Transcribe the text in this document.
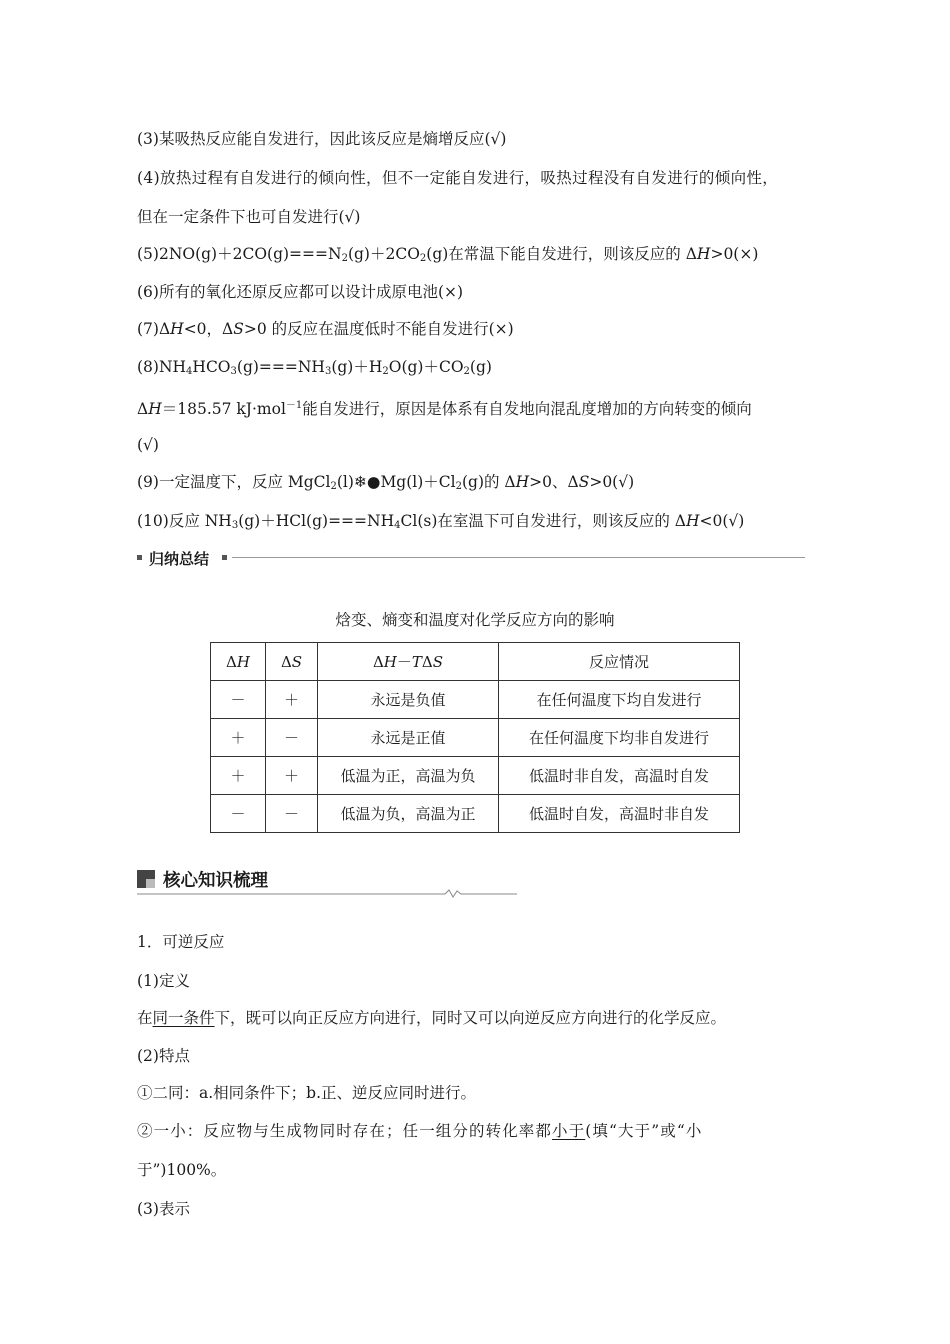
(3)某吸热反应能自发进行，因此该反应是熵增反应(√)
(4)放热过程有自发进行的倾向性，但不一定能自发进行，吸热过程没有自发进行的倾向性，
但在一定条件下也可自发进行(√)
$(5)2NO(g)+2CO(g)===N_2(g)+2CO_2(g)$在常温下能自发进行，则该反应的 ΔH>0(×)
(6)所有的氧化还原反应都可以设计成原电池(×)
(7)ΔH<0，ΔS>0 的反应在温度低时不能自发进行(×)
$(8)NH_4HCO_3(g)===NH_3(g)+H_2O(g)+CO_2(g)$
ΔH＝185.57 kJ·mol$^{-1}$能自发进行，原因是体系有自发地向混乱度增加的方向转变的倾向
(√)
(9)一定温度下，反应 $MgCl_2(l)❄●Mg(l)+Cl_2(g)$的 ΔH>0、ΔS>0(√)
(10)反应 $NH_3(g)+HCl(g)===NH_4Cl(s)$在室温下可自发进行，则该反应的 ΔH<0(√)
归纳总结
焓变、熵变和温度对化学反应方向的影响
ΔH	ΔS	ΔH－TΔS	反应情况
－	＋	永远是负值	在任何温度下均自发进行
＋	－	永远是正值	在任何温度下均非自发进行
＋	＋	低温为正，高温为负	低温时非自发，高温时自发
－	－	低温为负，高温为正	低温时自发，高温时非自发
核心知识梳理
1．可逆反应
(1)定义
在同一条件下，既可以向正反应方向进行，同时又可以向逆反应方向进行的化学反应。
(2)特点
①二同：a.相同条件下；b.正、逆反应同时进行。
②一小：反应物与生成物同时存在；任一组分的转化率都小于(填“大于”或“小
于”)100%。
(3)表示
